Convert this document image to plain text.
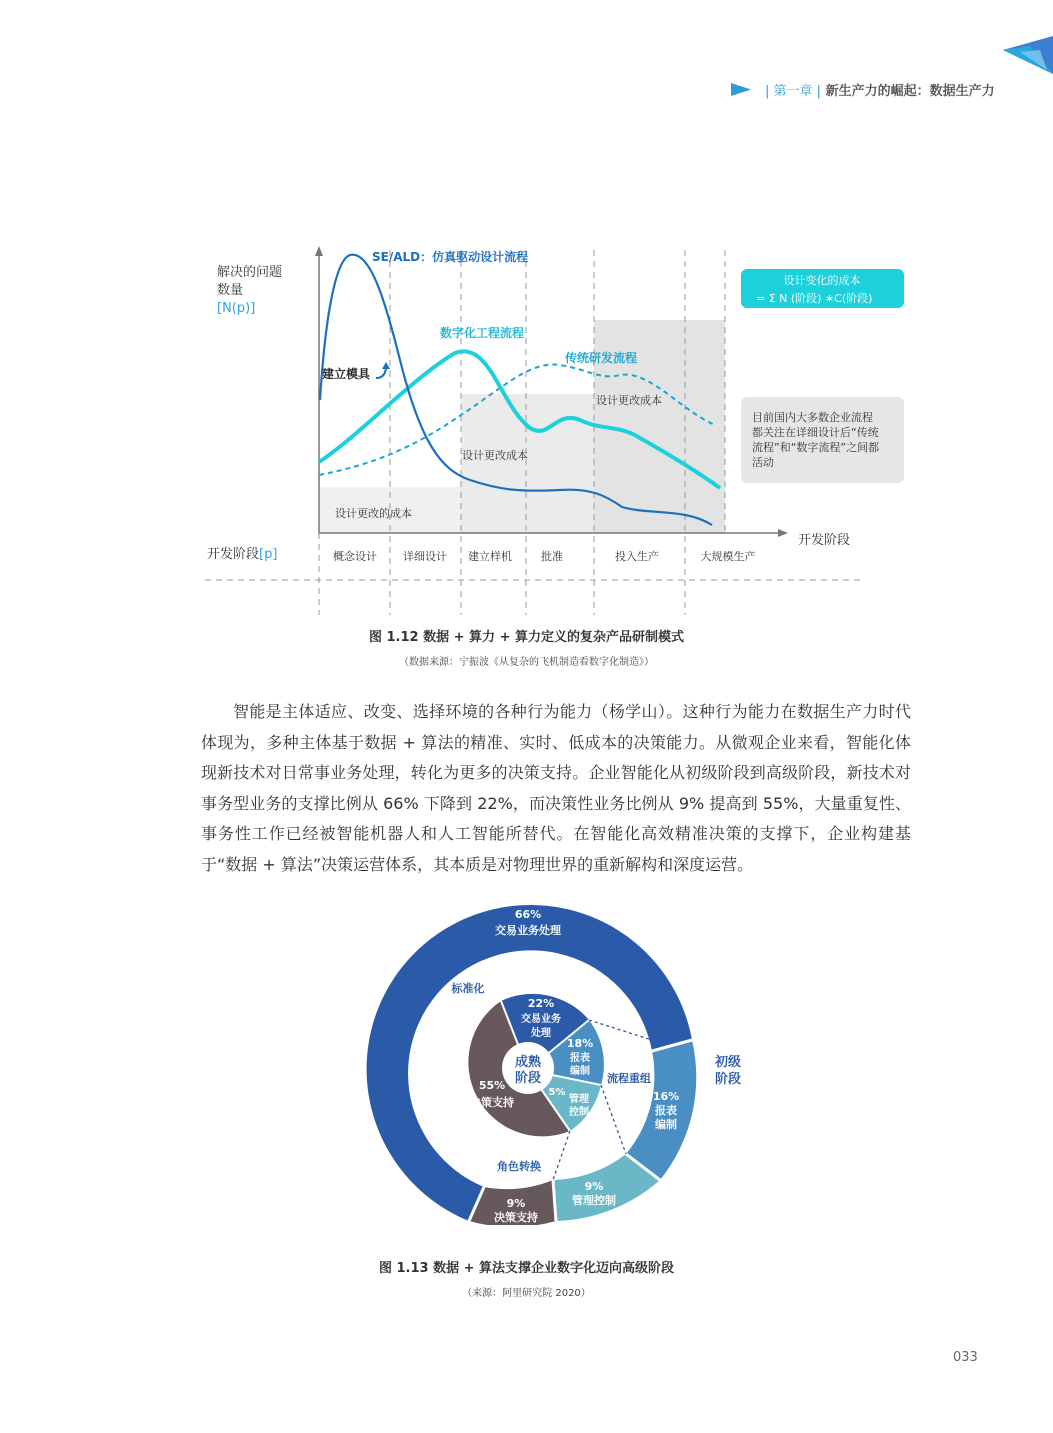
| 第一章 | 新生产力的崛起：数据生产力
SE/ALD：仿真驱动设计流程
数字化工程流程
传统研发流程
建立模具
设计更改成本
设计更改成本
设计更改的成本
解决的问题
数量
[N(p)]
开发阶段
开发阶段[p]	概念设计 详细设计 建立样机	批准	投入生产	大规模生产
设计变化的成本
= Σ N (阶段) ∗C(阶段)
目前国内大多数企业流程
都关注在详细设计后“传统
流程”和“数字流程”之间都
活动
图 1.12 数据 + 算力 + 算力定义的复杂产品研制模式
（数据来源：宁振波《从复杂的飞机制造看数字化制造》）

智能是主体适应、改变、选择环境的各种行为能力（杨学山）。这种行为能力在数据生产力时代体现为，多种主体基于数据 + 算法的精准、实时、低成本的决策能力。从微观企业来看，智能化体现新技术对日常事业务处理，转化为更多的决策支持。企业智能化从初级阶段到高级阶段，新技术对事务型业务的支撑比例从 66% 下降到 22%，而决策性业务比例从 9% 提高到 55%，大量重复性、事务性工作已经被智能机器人和人工智能所替代。在智能化高效精准决策的支撑下，企业构建基于“数据 + 算法”决策运营体系，其本质是对物理世界的重新解构和深度运营。

66%
交易业务处理
16%
报表
编制
9%
管理控制
9%
决策支持
22%
交易业务
处理
18%
报表
编制
5%
管理
控制
55%
决策支持
成熟
阶段
标准化
流程重组
角色转换
初级
阶段
图 1.13 数据 + 算法支撑企业数字化迈向高级阶段
（来源：阿里研究院 2020）
033
